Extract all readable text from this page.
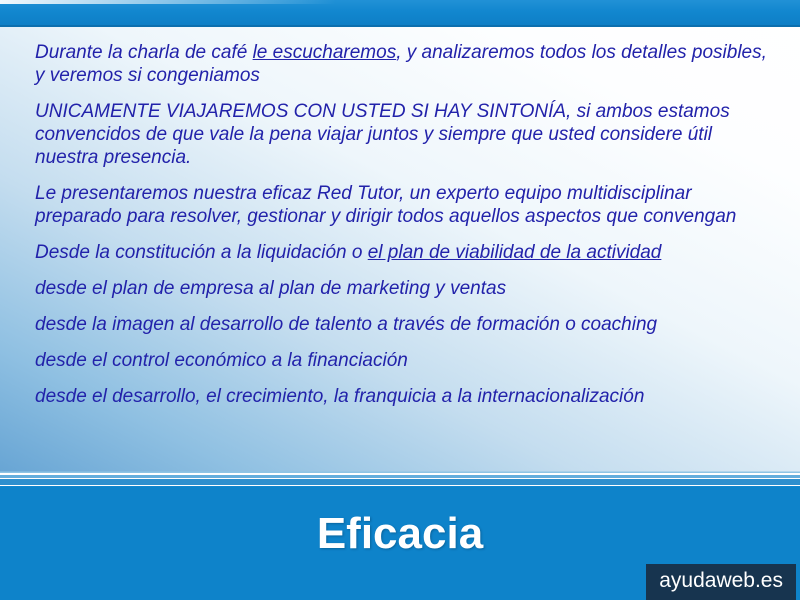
Durante la charla de café le escucharemos, y analizaremos todos los detalles posibles, y veremos si congeniamos

UNICAMENTE VIAJAREMOS CON USTED SI HAY SINTONÍA, si ambos estamos convencidos de que vale la pena viajar juntos y siempre que usted considere útil nuestra presencia.

Le presentaremos nuestra eficaz Red Tutor, un experto equipo multidisciplinar preparado para resolver, gestionar y dirigir todos aquellos aspectos que convengan

Desde la constitución a la liquidación o el plan de viabilidad de la actividad

desde el plan de empresa al plan de marketing y ventas

desde la imagen al desarrollo de talento a través de formación o coaching

desde el control económico a la financiación

desde el desarrollo, el crecimiento, la franquicia a la internacionalización

Eficacia
ayudaweb.es
